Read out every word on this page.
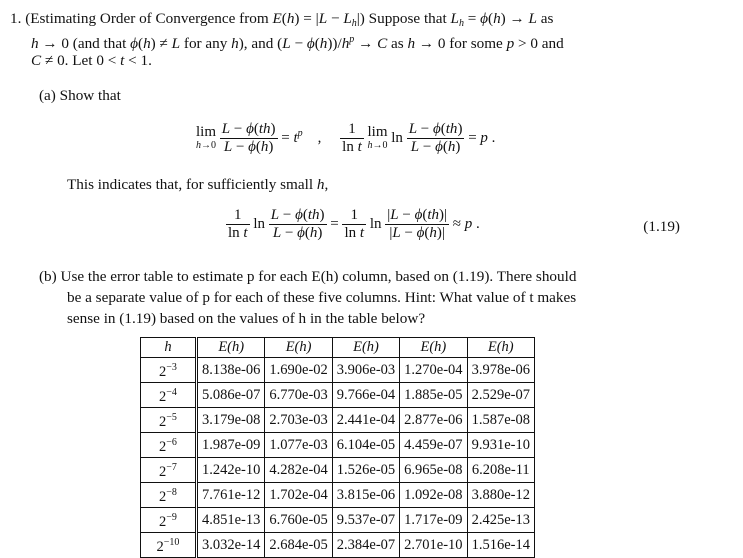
1. (Estimating Order of Convergence from $E(h) = |L - L_h|$) Suppose that $L_h = \phi(h) \to L$ as
h → 0 (and that ϕ(h) ≠ L for any h), and $(L - \phi(h))/h^p \to C$ as h → 0 for some p > 0 and
C ≠ 0. Let 0 < t < 1.
(a) Show that
lim
h→0
$\frac{L - \phi(th)}{L - \phi(h)} = t^p$    , $\frac{1}{\text{ln t}}$ lim
h→0 $\ln \frac{L - \phi(th)}{L - \phi(h)} = p$ .
This indicates that, for sufficiently small h,
$\frac{1}{\text{ln t}}$ $\ln \frac{L - \phi(th)}{L - \phi(h)} = \frac{1}{\text{ln t}}$ $\ln \frac{|L - \phi(th)|}{|L - \phi(h)|} \approx p$ .	(1.19)
(b) Use the error table to estimate p for each E(h) column, based on (1.19). There should
be a separate value of p for each of these five columns. Hint: What value of t makes
sense in (1.19) based on the values of h in the table below?
h	E(h)	E(h)	E(h)	E(h)	E(h)
$2^{-3}$	8.138e-06	1.690e-02	3.906e-03	1.270e-04	3.978e-06
$2^{-4}$	5.086e-07	6.770e-03	9.766e-04	1.885e-05	2.529e-07
$2^{-5}$	3.179e-08	2.703e-03	2.441e-04	2.877e-06	1.587e-08
$2^{-6}$	1.987e-09	1.077e-03	6.104e-05	4.459e-07	9.931e-10
$2^{-7}$	1.242e-10	4.282e-04	1.526e-05	6.965e-08	6.208e-11
$2^{-8}$	7.761e-12	1.702e-04	3.815e-06	1.092e-08	3.880e-12
$2^{-9}$	4.851e-13	6.760e-05	9.537e-07	1.717e-09	2.425e-13
$2^{-10}$	3.032e-14	2.684e-05	2.384e-07	2.701e-10	1.516e-14
